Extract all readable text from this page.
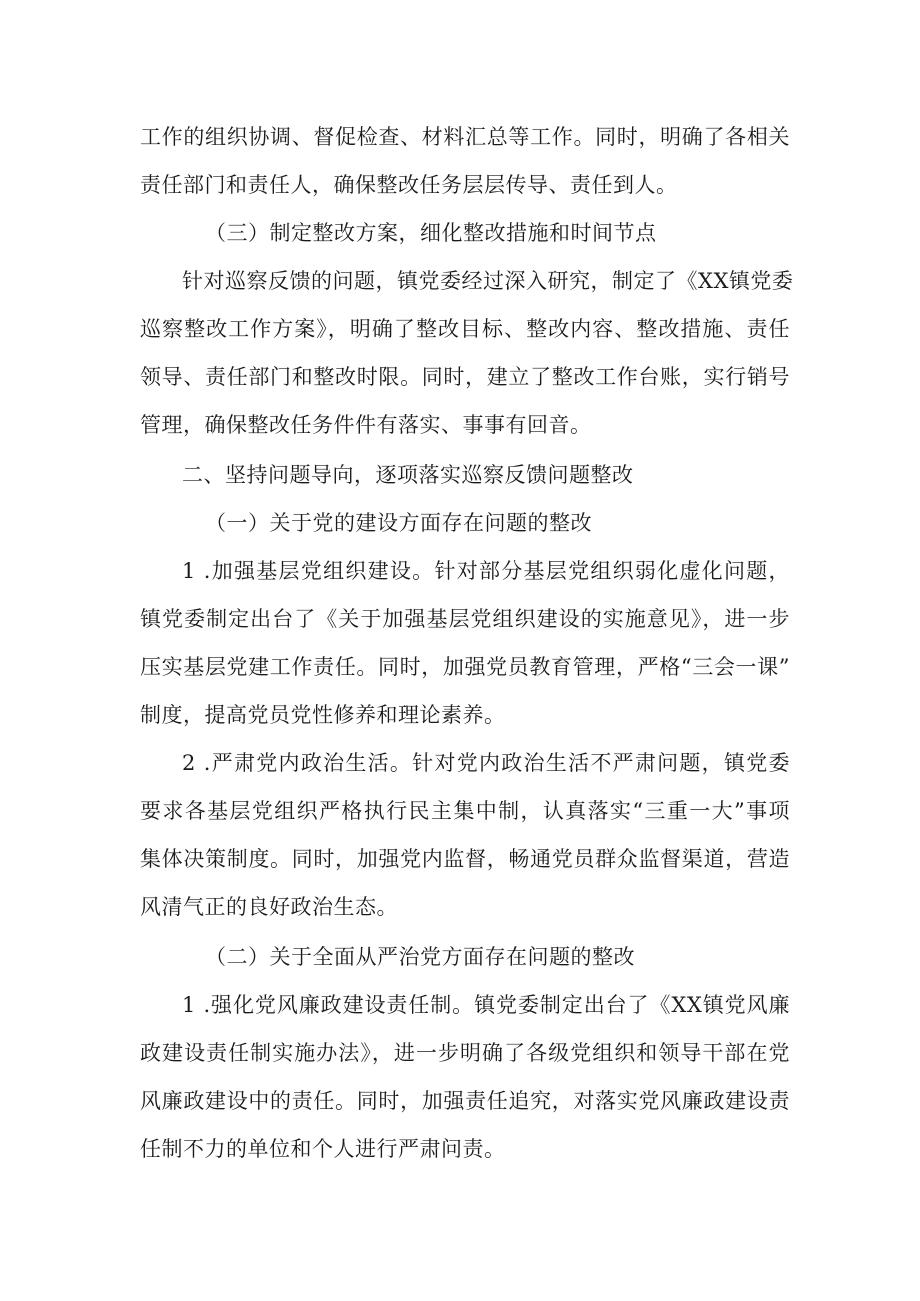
工作的组织协调、督促检查、材料汇总等工作。同时，明确了各相关
责任部门和责任人，确保整改任务层层传导、责任到人。
（三）制定整改方案，细化整改措施和时间节点
针对巡察反馈的问题，镇党委经过深入研究，制定了《XX镇党委
巡察整改工作方案》，明确了整改目标、整改内容、整改措施、责任
领导、责任部门和整改时限。同时，建立了整改工作台账，实行销号
管理，确保整改任务件件有落实、事事有回音。
二、坚持问题导向，逐项落实巡察反馈问题整改
（一）关于党的建设方面存在问题的整改
1 .加强基层党组织建设。针对部分基层党组织弱化虚化问题，
镇党委制定出台了《关于加强基层党组织建设的实施意见》，进一步
压实基层党建工作责任。同时，加强党员教育管理，严格“三会一课”
制度，提高党员党性修养和理论素养。
2 .严肃党内政治生活。针对党内政治生活不严肃问题，镇党委
要求各基层党组织严格执行民主集中制，认真落实“三重一大”事项
集体决策制度。同时，加强党内监督，畅通党员群众监督渠道，营造
风清气正的良好政治生态。
（二）关于全面从严治党方面存在问题的整改
1 .强化党风廉政建设责任制。镇党委制定出台了《XX镇党风廉
政建设责任制实施办法》，进一步明确了各级党组织和领导干部在党
风廉政建设中的责任。同时，加强责任追究，对落实党风廉政建设责
任制不力的单位和个人进行严肃问责。
